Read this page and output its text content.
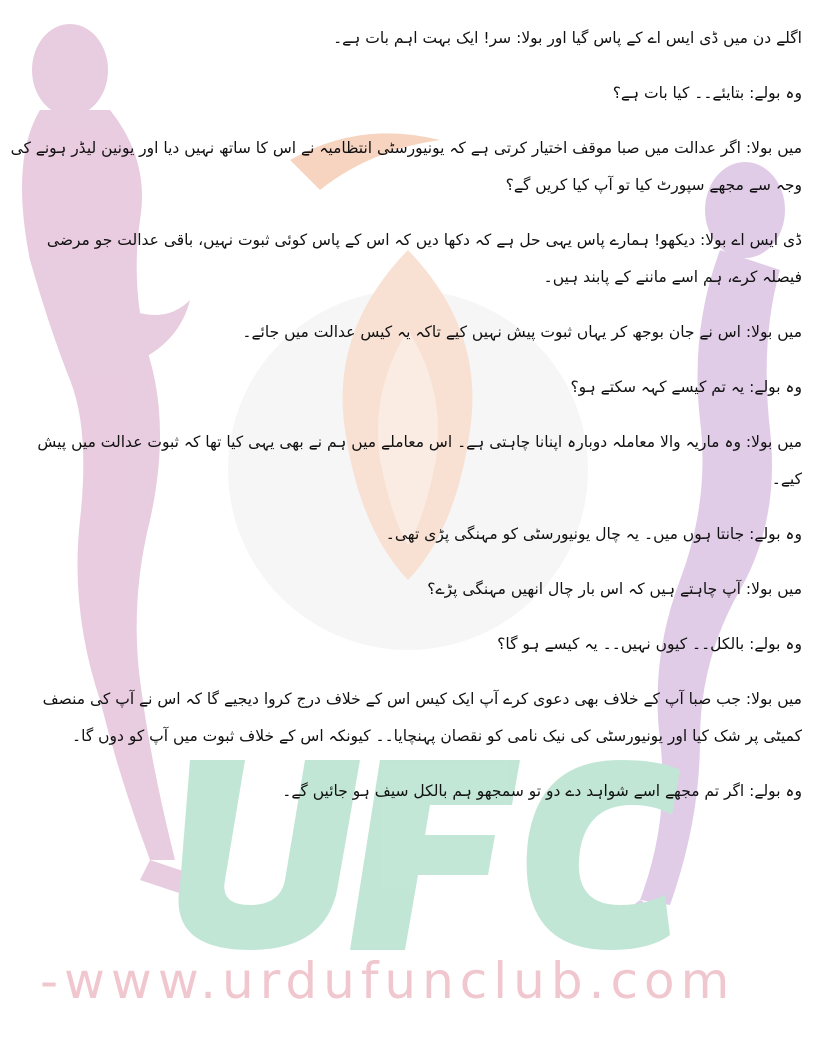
-www.urdufunclub.com

اگلے دن میں ڈی ایس اے کے پاس گیا اور بولا: سر! ایک بہت اہم بات ہے۔

وہ بولے: بتایئے۔۔ کیا بات ہے؟

میں بولا: اگر عدالت میں صبا موقف اختیار کرتی ہے کہ یونیورسٹی انتظامیہ نے اس کا ساتھ نہیں دیا اور یونین لیڈر ہونے کی وجہ سے مجھے سپورٹ کیا تو آپ کیا کریں گے؟

ڈی ایس اے بولا: دیکھو! ہمارے پاس یہی حل ہے کہ دکھا دیں کہ اس کے پاس کوئی ثبوت نہیں، باقی عدالت جو مرضی فیصلہ کرے، ہم اسے ماننے کے پابند ہیں۔

میں بولا: اس نے جان بوجھ کر یہاں ثبوت پیش نہیں کیے تاکہ یہ کیس عدالت میں جائے۔

وہ بولے: یہ تم کیسے کہہ سکتے ہو؟

میں بولا: وہ ماریہ والا معاملہ دوبارہ اپنانا چاہتی ہے۔ اس معاملے میں ہم نے بھی یہی کیا تھا کہ ثبوت عدالت میں پیش کیے۔

وہ بولے: جانتا ہوں میں۔ یہ چال یونیورسٹی کو مہنگی پڑی تھی۔

میں بولا: آپ چاہتے ہیں کہ اس بار چال انھیں مہنگی پڑے؟

وہ بولے: بالکل۔۔ کیوں نہیں۔۔ یہ کیسے ہو گا؟

میں بولا: جب صبا آپ کے خلاف بھی دعوی کرے آپ ایک کیس اس کے خلاف درج کروا دیجیے گا کہ اس نے آپ کی منصف کمیٹی پر شک کیا اور یونیورسٹی کی نیک نامی کو نقصان پہنچایا۔۔ کیونکہ اس کے خلاف ثبوت میں آپ کو دوں گا۔

وہ بولے: اگر تم مجھے اسے شواہد دے دو تو سمجھو ہم بالکل سیف ہو جائیں گے۔
